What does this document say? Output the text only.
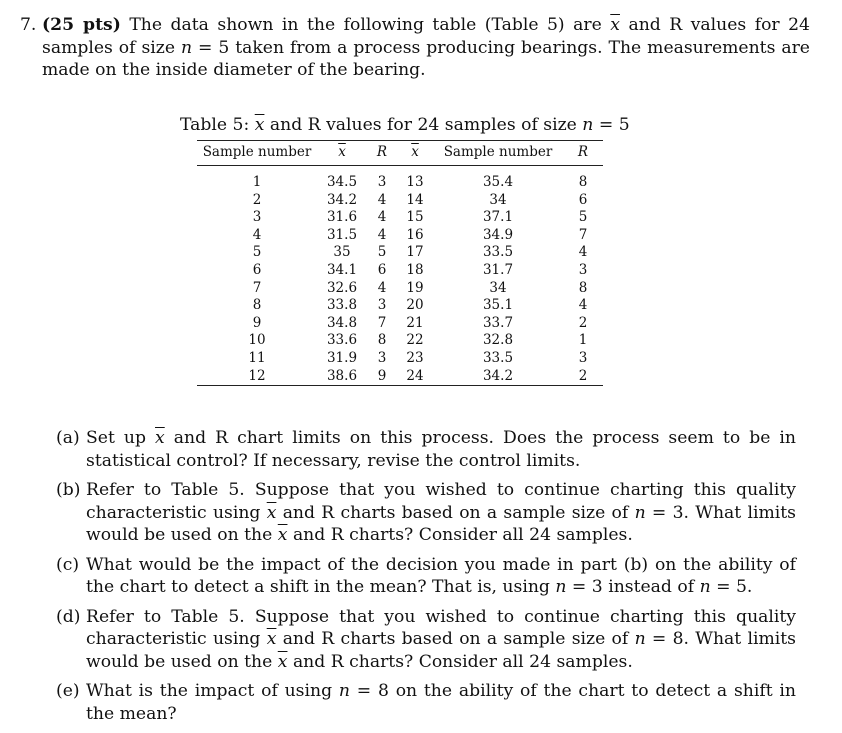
7. (25 pts) The data shown in the following table (Table 5) are $\overline{x}$ and R values for 24 samples of size n = 5 taken from a process producing bearings. The measurements are made on the inside diameter of the bearing.
Table 5: $\overline{x}$ and R values for 24 samples of size n = 5
Sample number	$\overline{x}$	R	$\overline{x}$	Sample number	R
1	34.5	3	13	35.4	8
2	34.2	4	14	34	6
3	31.6	4	15	37.1	5
4	31.5	4	16	34.9	7
5	35	5	17	33.5	4
6	34.1	6	18	31.7	3
7	32.6	4	19	34	8
8	33.8	3	20	35.1	4
9	34.8	7	21	33.7	2
10	33.6	8	22	32.8	1
11	31.9	3	23	33.5	3
12	38.6	9	24	34.2	2
(a) Set up $\overline{x}$ and R chart limits on this process. Does the process seem to be in statistical control? If necessary, revise the control limits.
(b) Refer to Table 5. Suppose that you wished to continue charting this quality characteristic using $\overline{x}$ and R charts based on a sample size of n = 3. What limits would be used on the $\overline{x}$ and R charts? Consider all 24 samples.
(c) What would be the impact of the decision you made in part (b) on the ability of the chart to detect a shift in the mean? That is, using n = 3 instead of n = 5.
(d) Refer to Table 5. Suppose that you wished to continue charting this quality characteristic using $\overline{x}$ and R charts based on a sample size of n = 8. What limits would be used on the $\overline{x}$ and R charts? Consider all 24 samples.
(e) What is the impact of using n = 8 on the ability of the chart to detect a shift in the mean?
